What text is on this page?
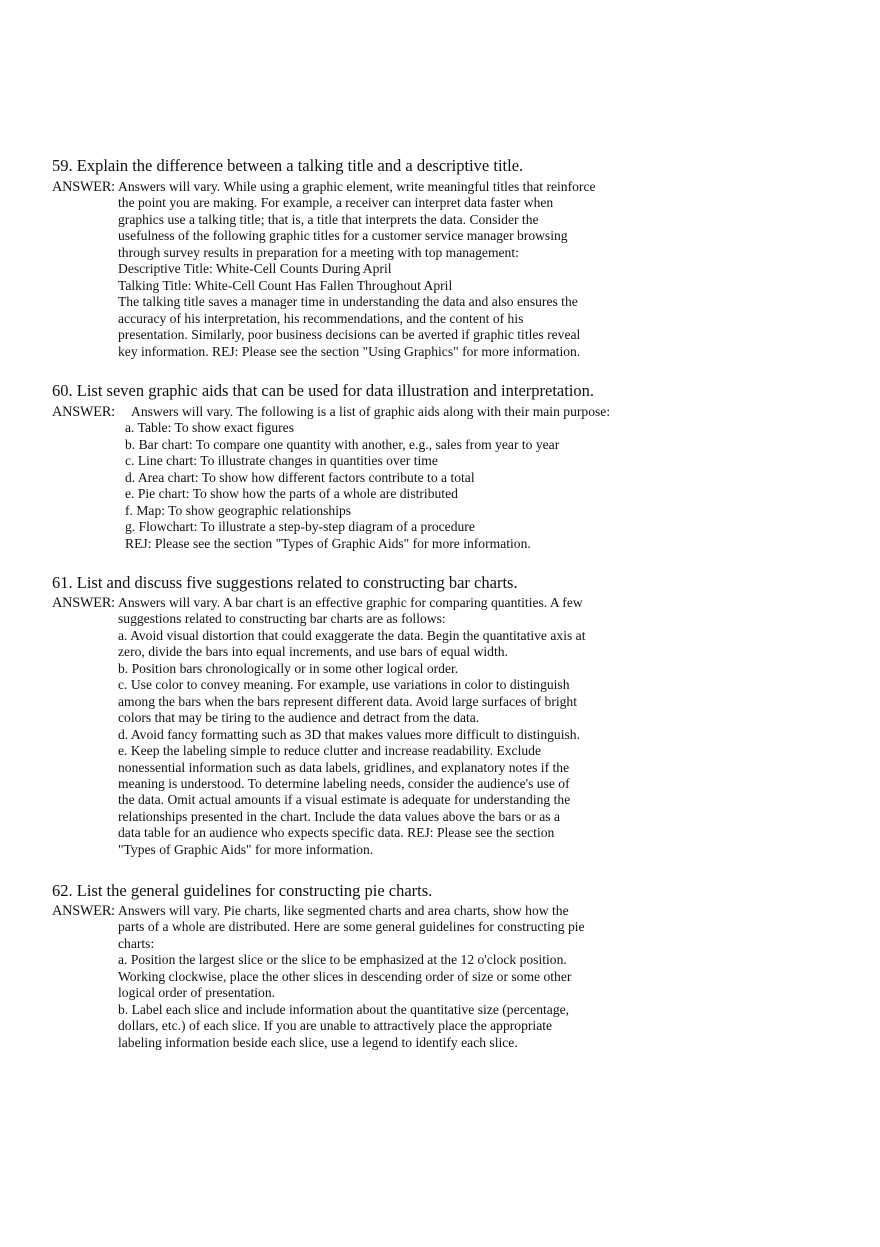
59. Explain the difference between a talking title and a descriptive title.
ANSWER: Answers will vary. While using a graphic element, write meaningful titles that reinforce
the point you are making. For example, a receiver can interpret data faster when
graphics use a talking title; that is, a title that interprets the data. Consider the
usefulness of the following graphic titles for a customer service manager browsing
through survey results in preparation for a meeting with top management:
Descriptive Title: White-Cell Counts During April
Talking Title: White-Cell Count Has Fallen Throughout April
The talking title saves a manager time in understanding the data and also ensures the
accuracy of his interpretation, his recommendations, and the content of his
presentation. Similarly, poor business decisions can be averted if graphic titles reveal
key information. REJ: Please see the section "Using Graphics" for more information.
60. List seven graphic aids that can be used for data illustration and interpretation.
ANSWER:	Answers will vary. The following is a list of graphic aids along with their main purpose:
a. Table: To show exact figures
b. Bar chart: To compare one quantity with another, e.g., sales from year to year
c. Line chart: To illustrate changes in quantities over time
d. Area chart: To show how different factors contribute to a total
e. Pie chart: To show how the parts of a whole are distributed
f. Map: To show geographic relationships
g. Flowchart: To illustrate a step-by-step diagram of a procedure
REJ: Please see the section "Types of Graphic Aids" for more information.
61. List and discuss five suggestions related to constructing bar charts.
ANSWER: Answers will vary. A bar chart is an effective graphic for comparing quantities. A few
suggestions related to constructing bar charts are as follows:
a. Avoid visual distortion that could exaggerate the data. Begin the quantitative axis at
zero, divide the bars into equal increments, and use bars of equal width.
b. Position bars chronologically or in some other logical order.
c. Use color to convey meaning. For example, use variations in color to distinguish
among the bars when the bars represent different data. Avoid large surfaces of bright
colors that may be tiring to the audience and detract from the data.
d. Avoid fancy formatting such as 3D that makes values more difficult to distinguish.
e. Keep the labeling simple to reduce clutter and increase readability. Exclude
nonessential information such as data labels, gridlines, and explanatory notes if the
meaning is understood. To determine labeling needs, consider the audience's use of
the data. Omit actual amounts if a visual estimate is adequate for understanding the
relationships presented in the chart. Include the data values above the bars or as a
data table for an audience who expects specific data. REJ: Please see the section
"Types of Graphic Aids" for more information.
62. List the general guidelines for constructing pie charts.
ANSWER: Answers will vary. Pie charts, like segmented charts and area charts, show how the
parts of a whole are distributed. Here are some general guidelines for constructing pie
charts:
a. Position the largest slice or the slice to be emphasized at the 12 o'clock position.
Working clockwise, place the other slices in descending order of size or some other
logical order of presentation.
b. Label each slice and include information about the quantitative size (percentage,
dollars, etc.) of each slice. If you are unable to attractively place the appropriate
labeling information beside each slice, use a legend to identify each slice.
